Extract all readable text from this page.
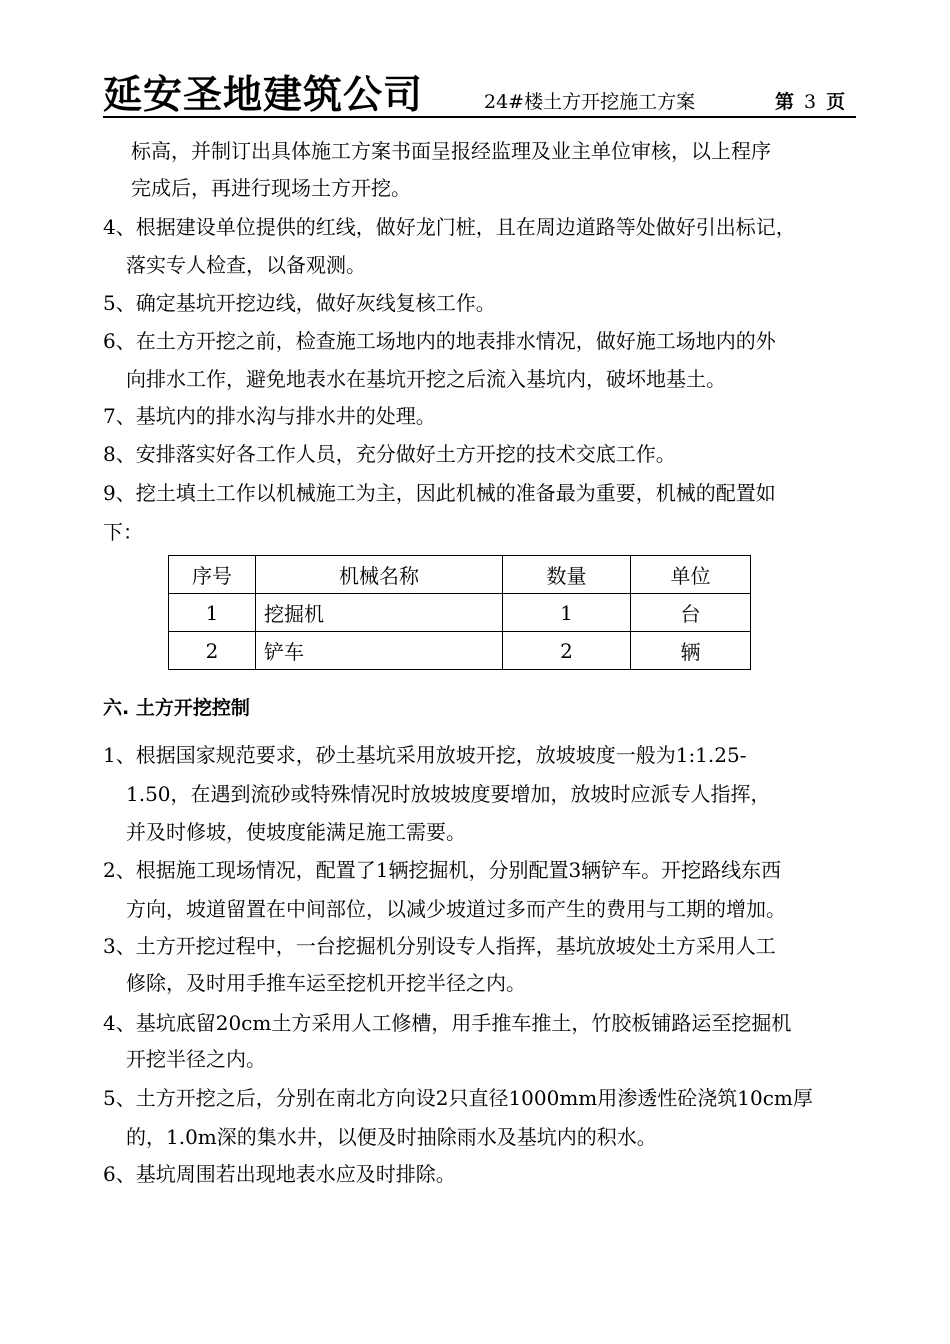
延安圣地建筑公司	24#楼土方开挖施工方案	第 3 页
标高，并制订出具体施工方案书面呈报经监理及业主单位审核，以上程序
完成后，再进行现场土方开挖。
4、根据建设单位提供的红线，做好龙门桩，且在周边道路等处做好引出标记，
落实专人检查，以备观测。
5、确定基坑开挖边线，做好灰线复核工作。
6、在土方开挖之前，检查施工场地内的地表排水情况，做好施工场地内的外
向排水工作，避免地表水在基坑开挖之后流入基坑内，破坏地基土。
7、基坑内的排水沟与排水井的处理。
8、安排落实好各工作人员，充分做好土方开挖的技术交底工作。
9、挖土填土工作以机械施工为主，因此机械的准备最为重要，机械的配置如
下：
序号	机械名称	数量	单位
1	挖掘机	1	台
2	铲车	2	辆
六. 土方开挖控制
1、根据国家规范要求，砂土基坑采用放坡开挖，放坡坡度一般为1:1.25-
1.50，在遇到流砂或特殊情况时放坡坡度要增加，放坡时应派专人指挥，
并及时修坡，使坡度能满足施工需要。
2、根据施工现场情况，配置了1辆挖掘机，分别配置3辆铲车。开挖路线东西
方向，坡道留置在中间部位，以减少坡道过多而产生的费用与工期的增加。
3、土方开挖过程中，一台挖掘机分别设专人指挥，基坑放坡处土方采用人工
修除，及时用手推车运至挖机开挖半径之内。
4、基坑底留20cm土方采用人工修槽，用手推车推土，竹胶板铺路运至挖掘机
开挖半径之内。
5、土方开挖之后，分别在南北方向设2只直径1000mm用渗透性砼浇筑10cm厚
的，1.0m深的集水井，以便及时抽除雨水及基坑内的积水。
6、基坑周围若出现地表水应及时排除。
